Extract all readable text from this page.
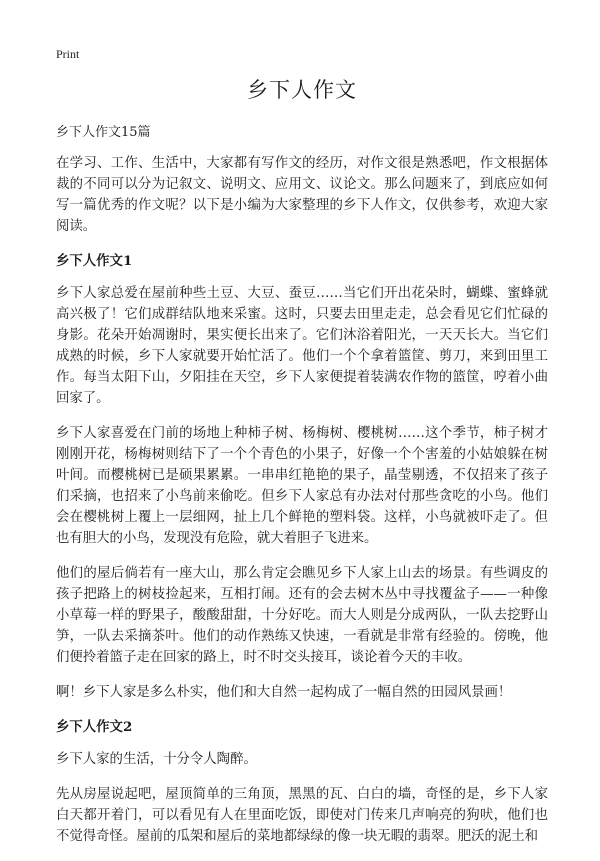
Print
乡下人作文
乡下人作文15篇

在学习、工作、生活中，大家都有写作文的经历，对作文很是熟悉吧，作文根据体裁的不同可以分为记叙文、说明文、应用文、议论文。那么问题来了，到底应如何写一篇优秀的作文呢？以下是小编为大家整理的乡下人作文，仅供参考，欢迎大家阅读。

乡下人作文1

乡下人家总爱在屋前种些土豆、大豆、蚕豆……当它们开出花朵时，蝴蝶、蜜蜂就高兴极了！它们成群结队地来采蜜。这时，只要去田里走走，总会看见它们忙碌的身影。花朵开始凋谢时，果实便长出来了。它们沐浴着阳光，一天天长大。当它们成熟的时候，乡下人家就要开始忙活了。他们一个个拿着篮筐、剪刀，来到田里工作。每当太阳下山，夕阳挂在天空，乡下人家便提着装满农作物的篮筐，哼着小曲回家了。

乡下人家喜爱在门前的场地上种柿子树、杨梅树、樱桃树……这个季节，柿子树才刚刚开花，杨梅树则结下了一个个青色的小果子，好像一个个害羞的小姑娘躲在树叶间。而樱桃树已是硕果累累。一串串红艳艳的果子，晶莹剔透，不仅招来了孩子们采摘，也招来了小鸟前来偷吃。但乡下人家总有办法对付那些贪吃的小鸟。他们会在樱桃树上覆上一层细网，扯上几个鲜艳的塑料袋。这样，小鸟就被吓走了。但也有胆大的小鸟，发现没有危险，就大着胆子飞进来。

他们的屋后倘若有一座大山，那么肯定会瞧见乡下人家上山去的场景。有些调皮的孩子把路上的树枝捡起来，互相打闹。还有的会去树木丛中寻找覆盆子——一种像小草莓一样的野果子，酸酸甜甜，十分好吃。而大人则是分成两队，一队去挖野山笋，一队去采摘茶叶。他们的动作熟练又快速，一看就是非常有经验的。傍晚，他们便拎着篮子走在回家的路上，时不时交头接耳，谈论着今天的丰收。

啊！乡下人家是多么朴实，他们和大自然一起构成了一幅自然的田园风景画！

乡下人作文2

乡下人家的生活，十分令人陶醉。

先从房屋说起吧，屋顶简单的三角顶，黑黑的瓦、白白的墙，奇怪的是，乡下人家白天都开着门，可以看见有人在里面吃饭，即使对门传来几声响亮的狗吠，他们也不觉得奇怪。屋前的瓜架和屋后的菜地都绿绿的像一块无暇的翡翠。肥沃的泥土和
